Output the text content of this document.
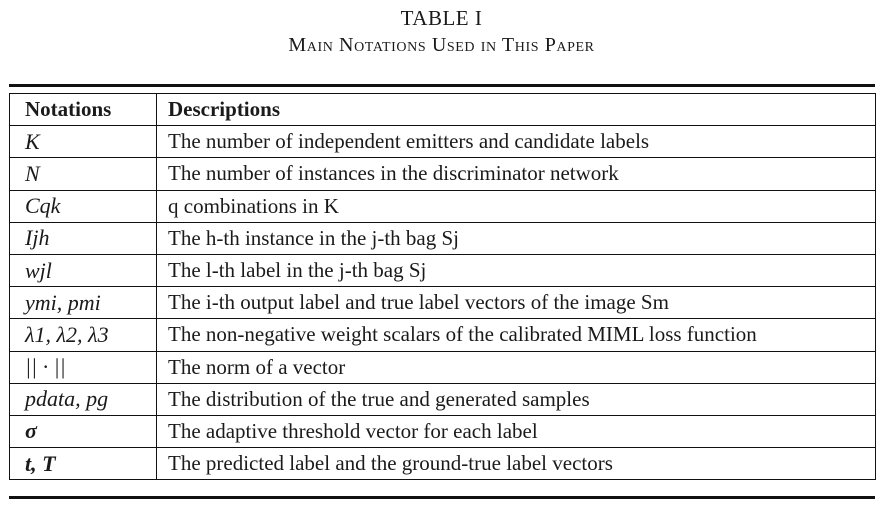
TABLE I
Main Notations Used in This Paper
Notations	Descriptions
K	The number of independent emitters and candidate labels
N	The number of instances in the discriminator network
Cqk	q combinations in K
Ijh	The h-th instance in the j-th bag Sj
wjl	The l-th label in the j-th bag Sj
ymi, pmi	The i-th output label and true label vectors of the image Sm
λ1, λ2, λ3	The non-negative weight scalars of the calibrated MIML loss function
|| · ||	The norm of a vector
pdata, pg	The distribution of the true and generated samples
σ	The adaptive threshold vector for each label
t, T	The predicted label and the ground-true label vectors
